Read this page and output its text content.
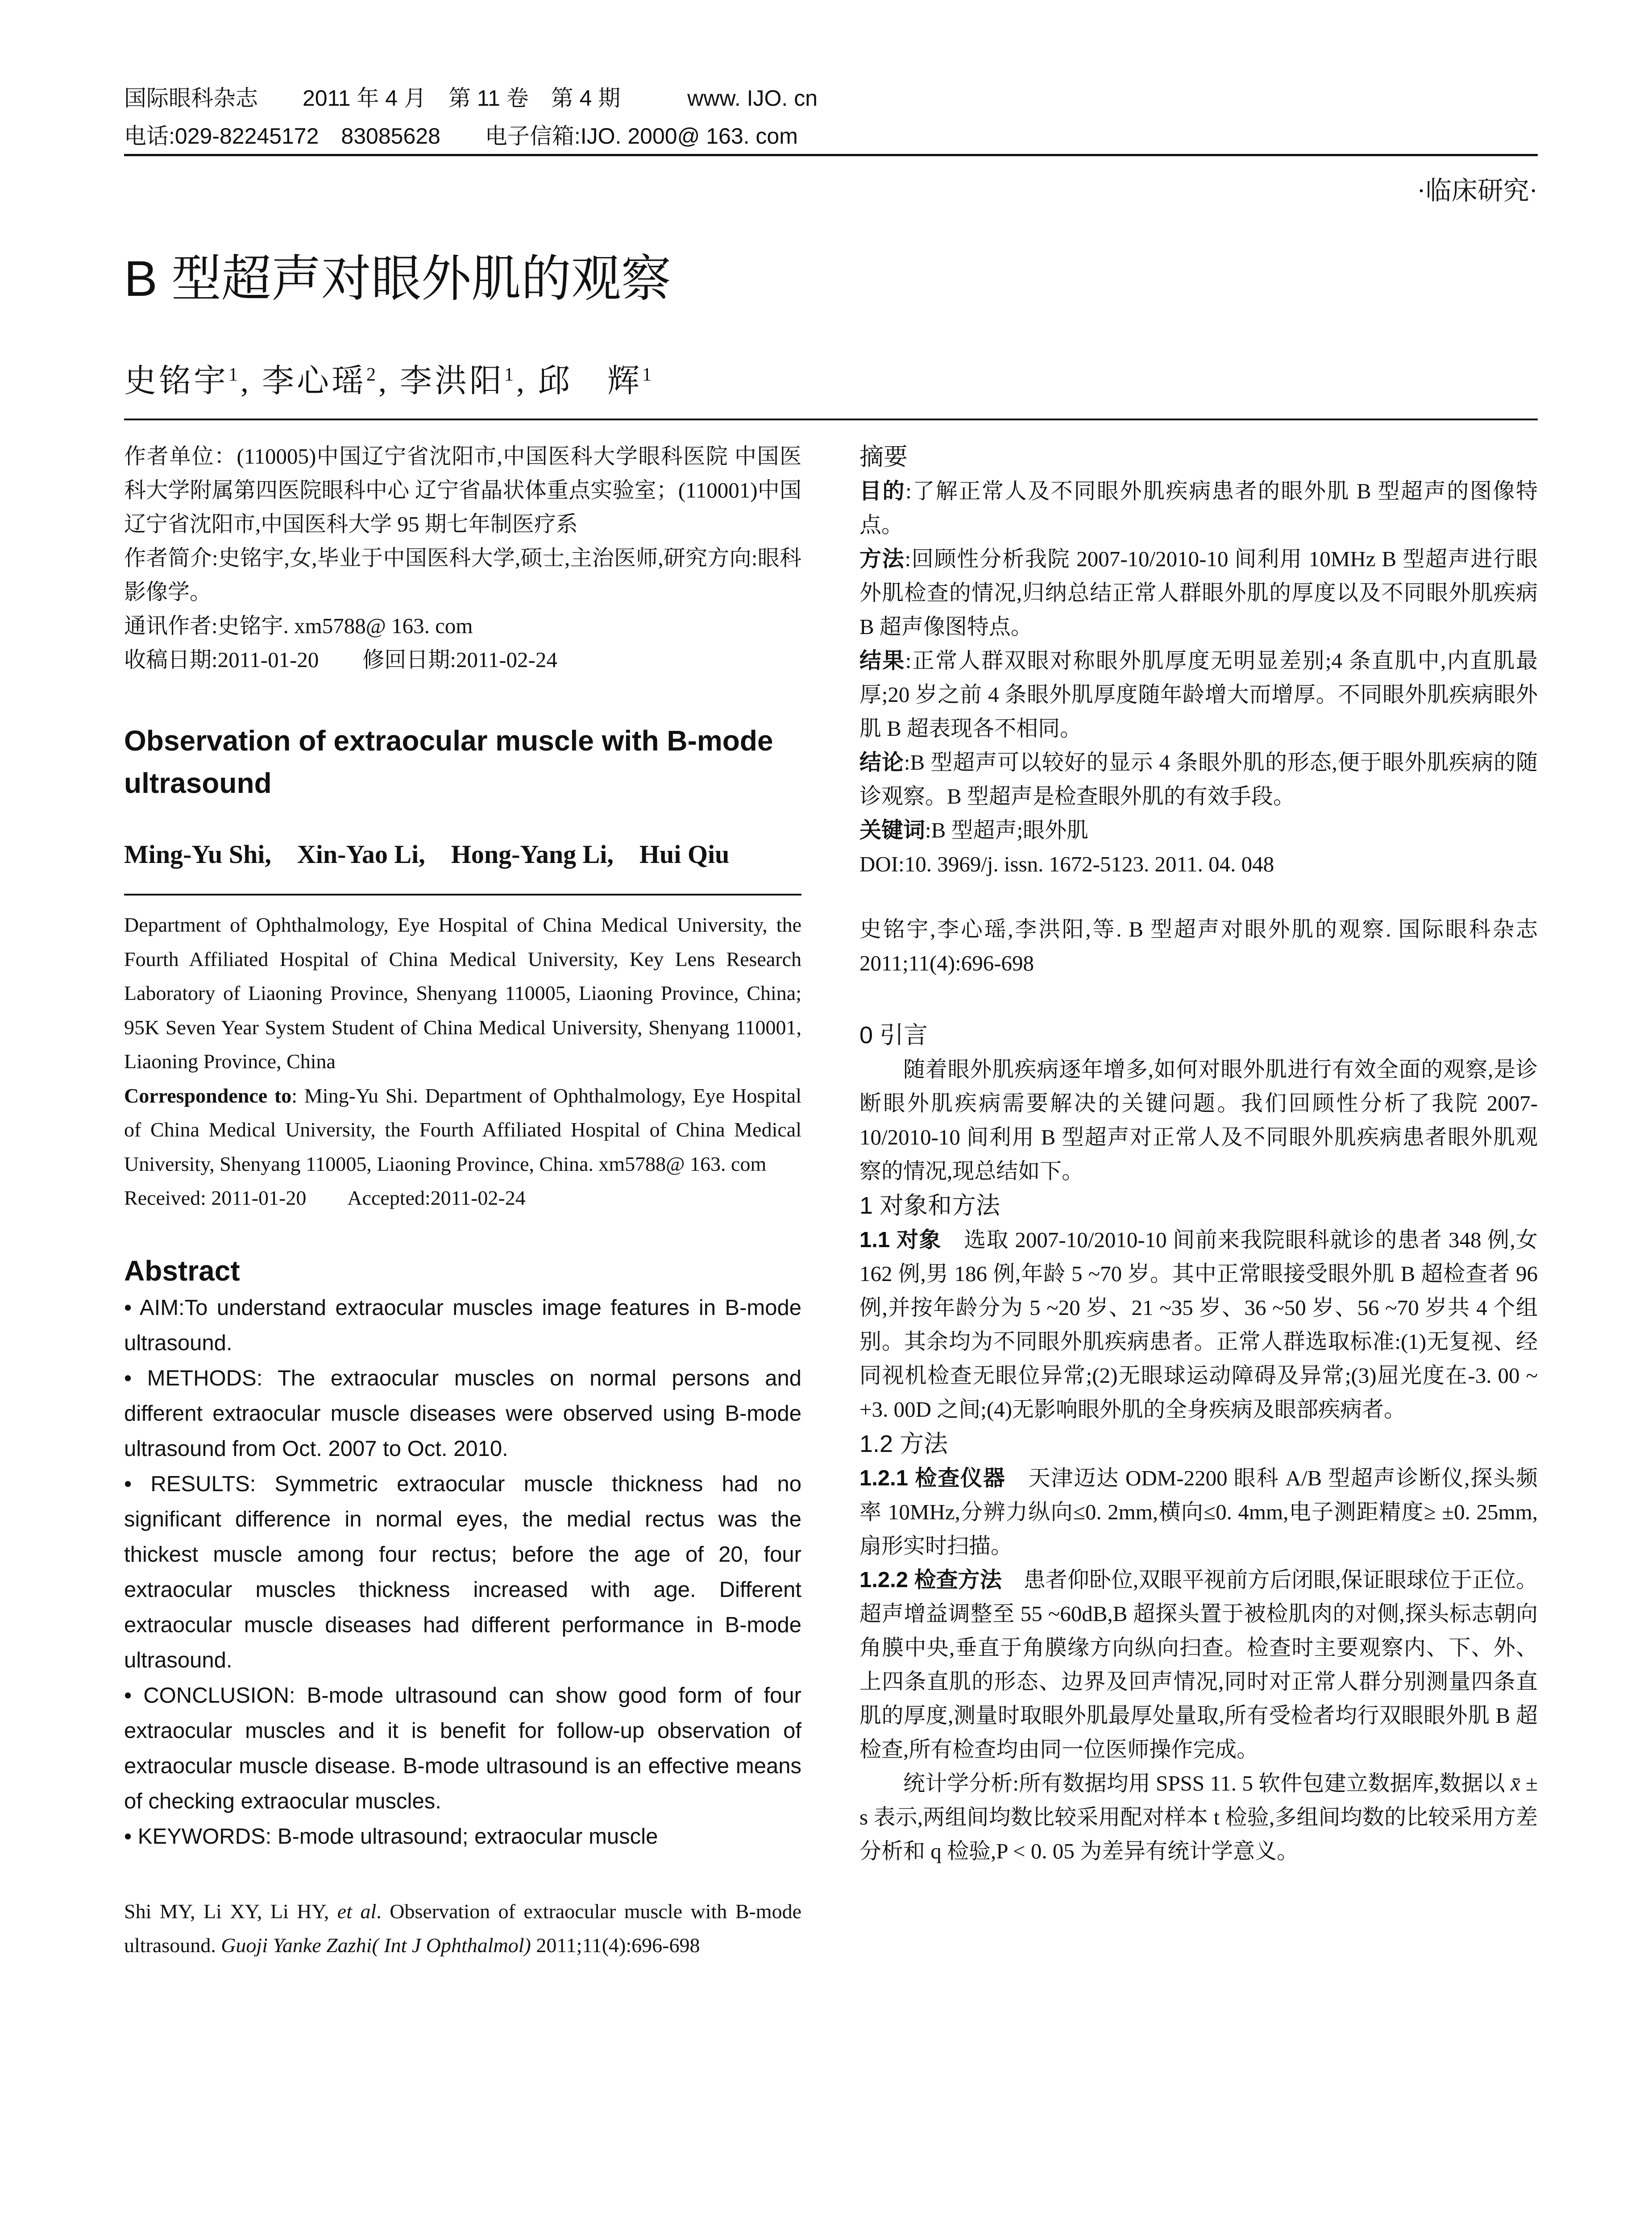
国际眼科杂志　　2011 年 4 月　第 11 卷　第 4 期　　　www. IJO. cn
电话:029-82245172　83085628　　电子信箱:IJO. 2000@ 163. com
·临床研究·
B 型超声对眼外肌的观察
史铭宇$^1$, 李心瑶$^2$, 李洪阳$^1$, 邱　辉$^1$

作者单位：(110005)中国辽宁省沈阳市,中国医科大学眼科医院 中国医科大学附属第四医院眼科中心 辽宁省晶状体重点实验室；(110001)中国辽宁省沈阳市,中国医科大学 95 期七年制医疗系

作者简介:史铭宇,女,毕业于中国医科大学,硕士,主治医师,研究方向:眼科影像学。

通讯作者:史铭宇. xm5788@ 163. com

收稿日期:2011-01-20　　修回日期:2011-02-24

Observation of extraocular muscle with B-mode ultrasound

Ming-Yu Shi,　Xin-Yao Li,　Hong-Yang Li,　Hui Qiu

Department of Ophthalmology, Eye Hospital of China Medical University, the Fourth Affiliated Hospital of China Medical University, Key Lens Research Laboratory of Liaoning Province, Shenyang 110005, Liaoning Province, China; 95K Seven Year System Student of China Medical University, Shenyang 110001, Liaoning Province, China

Correspondence to: Ming-Yu Shi. Department of Ophthalmology, Eye Hospital of China Medical University, the Fourth Affiliated Hospital of China Medical University, Shenyang 110005, Liaoning Province, China. xm5788@ 163. com

Received: 2011-01-20　　Accepted:2011-02-24

Abstract

• AIM:To understand extraocular muscles image features in B-mode ultrasound.

• METHODS: The extraocular muscles on normal persons and different extraocular muscle diseases were observed using B-mode ultrasound from Oct. 2007 to Oct. 2010.

• RESULTS: Symmetric extraocular muscle thickness had no significant difference in normal eyes, the medial rectus was the thickest muscle among four rectus; before the age of 20, four extraocular muscles thickness increased with age. Different extraocular muscle diseases had different performance in B-mode ultrasound.

• CONCLUSION: B-mode ultrasound can show good form of four extraocular muscles and it is benefit for follow-up observation of extraocular muscle disease. B-mode ultrasound is an effective means of checking extraocular muscles.

• KEYWORDS: B-mode ultrasound; extraocular muscle

Shi MY, Li XY, Li HY, et al. Observation of extraocular muscle with B-mode ultrasound. Guoji Yanke Zazhi( Int J Ophthalmol) 2011;11(4):696-698

摘要

目的:了解正常人及不同眼外肌疾病患者的眼外肌 B 型超声的图像特点。

方法:回顾性分析我院 2007-10/2010-10 间利用 10MHz B 型超声进行眼外肌检查的情况,归纳总结正常人群眼外肌的厚度以及不同眼外肌疾病 B 超声像图特点。

结果:正常人群双眼对称眼外肌厚度无明显差别;4 条直肌中,内直肌最厚;20 岁之前 4 条眼外肌厚度随年龄增大而增厚。不同眼外肌疾病眼外肌 B 超表现各不相同。

结论:B 型超声可以较好的显示 4 条眼外肌的形态,便于眼外肌疾病的随诊观察。B 型超声是检查眼外肌的有效手段。

关键词:B 型超声;眼外肌

DOI:10. 3969/j. issn. 1672-5123. 2011. 04. 048

史铭宇,李心瑶,李洪阳,等. B 型超声对眼外肌的观察. 国际眼科杂志 2011;11(4):696-698

0 引言

随着眼外肌疾病逐年增多,如何对眼外肌进行有效全面的观察,是诊断眼外肌疾病需要解决的关键问题。我们回顾性分析了我院 2007-10/2010-10 间利用 B 型超声对正常人及不同眼外肌疾病患者眼外肌观察的情况,现总结如下。

1 对象和方法

1.1 对象　选取 2007-10/2010-10 间前来我院眼科就诊的患者 348 例,女 162 例,男 186 例,年龄 5 ~70 岁。其中正常眼接受眼外肌 B 超检查者 96 例,并按年龄分为 5 ~20 岁、21 ~35 岁、36 ~50 岁、56 ~70 岁共 4 个组别。其余均为不同眼外肌疾病患者。正常人群选取标准:(1)无复视、经同视机检查无眼位异常;(2)无眼球运动障碍及异常;(3)屈光度在-3. 00 ~ +3. 00D 之间;(4)无影响眼外肌的全身疾病及眼部疾病者。

1.2 方法

1.2.1 检查仪器　天津迈达 ODM-2200 眼科 A/B 型超声诊断仪,探头频率 10MHz,分辨力纵向≤0. 2mm,横向≤0. 4mm,电子测距精度≥ ±0. 25mm,扇形实时扫描。

1.2.2 检查方法　患者仰卧位,双眼平视前方后闭眼,保证眼球位于正位。超声增益调整至 55 ~60dB,B 超探头置于被检肌肉的对侧,探头标志朝向角膜中央,垂直于角膜缘方向纵向扫查。检查时主要观察内、下、外、上四条直肌的形态、边界及回声情况,同时对正常人群分别测量四条直肌的厚度,测量时取眼外肌最厚处量取,所有受检者均行双眼眼外肌 B 超检查,所有检查均由同一位医师操作完成。

统计学分析:所有数据均用 SPSS 11. 5 软件包建立数据库,数据以 x̄ ± s 表示,两组间均数比较采用配对样本 t 检验,多组间均数的比较采用方差分析和 q 检验,P < 0. 05 为差异有统计学意义。
